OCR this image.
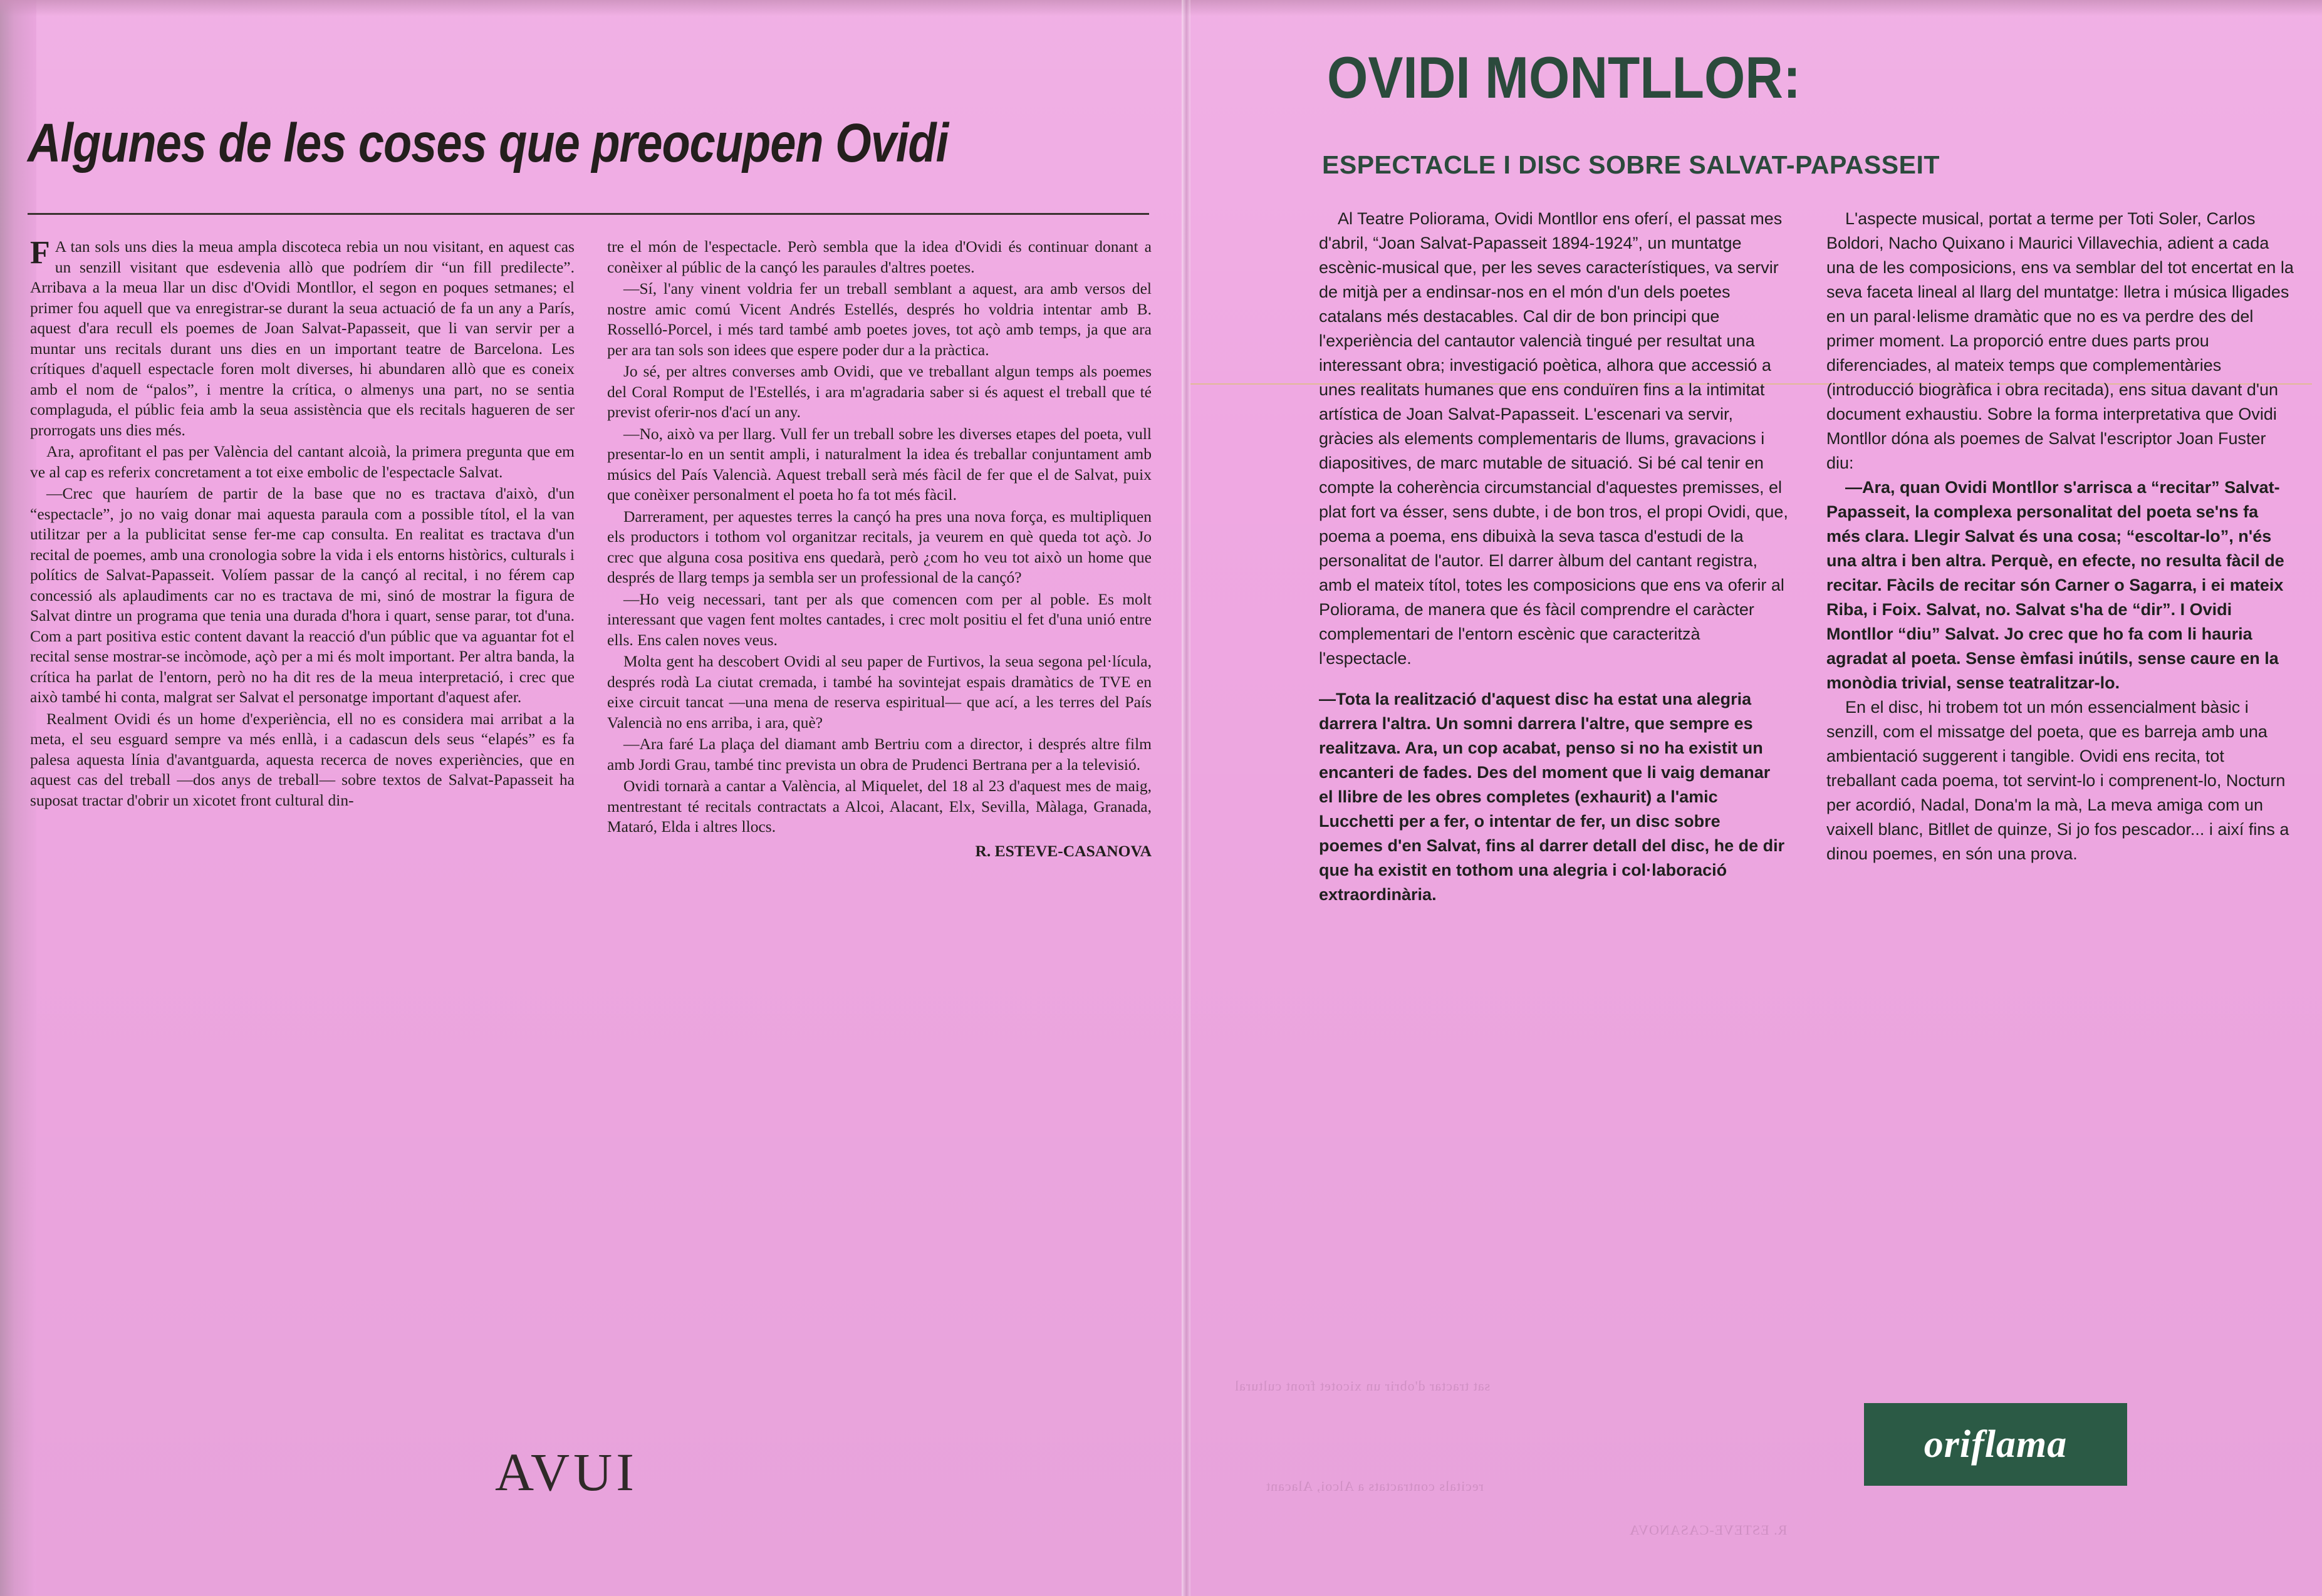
Algunes de les coses que preocupen Ovidi

F A tan sols uns dies la meua ampla discoteca rebia un nou visitant, en aquest cas un senzill visitant que esdevenia allò que podríem dir “un fill predilecte”. Arribava a la meua llar un disc d'Ovidi Montllor, el segon en poques setmanes; el primer fou aquell que va enregistrar-se durant la seua actuació de fa un any a París, aquest d'ara recull els poemes de Joan Salvat-Papasseit, que li van servir per a muntar uns recitals durant uns dies en un important teatre de Barcelona. Les crítiques d'aquell espectacle foren molt diverses, hi abundaren allò que es coneix amb el nom de “palos”, i mentre la crítica, o almenys una part, no se sentia complaguda, el públic feia amb la seua assistència que els recitals hagueren de ser prorrogats uns dies més.

Ara, aprofitant el pas per València del cantant alcoià, la primera pregunta que em ve al cap es referix concretament a tot eixe embolic de l'espectacle Salvat.

—Crec que hauríem de partir de la base que no es tractava d'això, d'un “espectacle”, jo no vaig donar mai aquesta paraula com a possible títol, el la van utilitzar per a la publicitat sense fer-me cap consulta. En realitat es tractava d'un recital de poemes, amb una cronologia sobre la vida i els entorns històrics, culturals i polítics de Salvat-Papasseit. Volíem passar de la cançó al recital, i no férem cap concessió als aplaudiments car no es tractava de mi, sinó de mostrar la figura de Salvat dintre un programa que tenia una durada d'hora i quart, sense parar, tot d'una. Com a part positiva estic content davant la reacció d'un públic que va aguantar fot el recital sense mostrar-se incòmode, açò per a mi és molt important. Per altra banda, la crítica ha parlat de l'entorn, però no ha dit res de la meua interpretació, i crec que això també hi conta, malgrat ser Salvat el personatge important d'aquest afer.

Realment Ovidi és un home d'experiència, ell no es considera mai arribat a la meta, el seu esguard sempre va més enllà, i a cadascun dels seus “elapés” es fa palesa aquesta línia d'avantguarda, aquesta recerca de noves experiències, que en aquest cas del treball —dos anys de treball— sobre textos de Salvat-Papasseit ha suposat tractar d'obrir un xicotet front cultural din-

tre el món de l'espectacle. Però sembla que la idea d'Ovidi és continuar donant a conèixer al públic de la cançó les paraules d'altres poetes.

—Sí, l'any vinent voldria fer un treball semblant a aquest, ara amb versos del nostre amic comú Vicent Andrés Estellés, després ho voldria intentar amb B. Rosselló-Porcel, i més tard també amb poetes joves, tot açò amb temps, ja que ara per ara tan sols son idees que espere poder dur a la pràctica.

Jo sé, per altres converses amb Ovidi, que ve treballant algun temps als poemes del Coral Romput de l'Estellés, i ara m'agradaria saber si és aquest el treball que té previst oferir-nos d'ací un any.

—No, això va per llarg. Vull fer un treball sobre les diverses etapes del poeta, vull presentar-lo en un sentit ampli, i naturalment la idea és treballar conjuntament amb músics del País Valencià. Aquest treball serà més fàcil de fer que el de Salvat, puix que conèixer personalment el poeta ho fa tot més fàcil.

Darrerament, per aquestes terres la cançó ha pres una nova força, es multipliquen els productors i tothom vol organitzar recitals, ja veurem en què queda tot açò. Jo crec que alguna cosa positiva ens quedarà, però ¿com ho veu tot això un home que després de llarg temps ja sembla ser un professional de la cançó?

—Ho veig necessari, tant per als que comencen com per al poble. Es molt interessant que vagen fent moltes cantades, i crec molt positiu el fet d'una unió entre ells. Ens calen noves veus.

Molta gent ha descobert Ovidi al seu paper de Furtivos, la seua segona pel·lícula, després rodà La ciutat cremada, i també ha sovintejat espais dramàtics de TVE en eixe circuit tancat —una mena de reserva espiritual— que ací, a les terres del País Valencià no ens arriba, i ara, què?

—Ara faré La plaça del diamant amb Bertriu com a director, i després altre film amb Jordi Grau, també tinc prevista un obra de Prudenci Bertrana per a la televisió.

Ovidi tornarà a cantar a València, al Miquelet, del 18 al 23 d'aquest mes de maig, mentrestant té recitals contractats a Alcoi, Alacant, Elx, Sevilla, Màlaga, Granada, Mataró, Elda i altres llocs.

R. ESTEVE-CASANOVA
AVUI
OVIDI MONTLLOR:
ESPECTACLE I DISC SOBRE SALVAT-PAPASSEIT

Al Teatre Poliorama, Ovidi Montllor ens oferí, el passat mes d'abril, “Joan Salvat-Papasseit 1894-1924”, un muntatge escènic-musical que, per les seves característiques, va servir de mitjà per a endinsar-nos en el món d'un dels poetes catalans més destacables. Cal dir de bon principi que l'experiència del cantautor valencià tingué per resultat una interessant obra; investigació poètica, alhora que accessió a unes realitats humanes que ens conduïren fins a la intimitat artística de Joan Salvat-Papasseit. L'escenari va servir, gràcies als elements complementaris de llums, gravacions i diapositives, de marc mutable de situació. Si bé cal tenir en compte la coherència circumstancial d'aquestes premisses, el plat fort va ésser, sens dubte, i de bon tros, el propi Ovidi, que, poema a poema, ens dibuixà la seva tasca d'estudi de la personalitat de l'autor. El darrer àlbum del cantant registra, amb el mateix títol, totes les composicions que ens va oferir al Poliorama, de manera que és fàcil comprendre el caràcter complementari de l'entorn escènic que caracteritzà l'espectacle.

—Tota la realització d'aquest disc ha estat una alegria darrera l'altra. Un somni darrera l'altre, que sempre es realitzava. Ara, un cop acabat, penso si no ha existit un encanteri de fades. Des del moment que li vaig demanar el llibre de les obres completes (exhaurit) a l'amic Lucchetti per a fer, o intentar de fer, un disc sobre poemes d'en Salvat, fins al darrer detall del disc, he de dir que ha existit en tothom una alegria i col·laboració extraordinària.

L'aspecte musical, portat a terme per Toti Soler, Carlos Boldori, Nacho Quixano i Maurici Villavechia, adient a cada una de les composicions, ens va semblar del tot encertat en la seva faceta lineal al llarg del muntatge: lletra i música lligades en un paral·lelisme dramàtic que no es va perdre des del primer moment. La proporció entre dues parts prou diferenciades, al mateix temps que complementàries (introducció biogràfica i obra recitada), ens situa davant d'un document exhaustiu. Sobre la forma interpretativa que Ovidi Montllor dóna als poemes de Salvat l'escriptor Joan Fuster diu:

—Ara, quan Ovidi Montllor s'arrisca a “recitar” Salvat-Papasseit, la complexa personalitat del poeta se'ns fa més clara. Llegir Salvat és una cosa; “escoltar-lo”, n'és una altra i ben altra. Perquè, en efecte, no resulta fàcil de recitar. Fàcils de recitar són Carner o Sagarra, i ei mateix Riba, i Foix. Salvat, no. Salvat s'ha de “dir”. I Ovidi Montllor “diu” Salvat. Jo crec que ho fa com li hauria agradat al poeta. Sense èmfasi inútils, sense caure en la monòdia trivial, sense teatralitzar-lo.

En el disc, hi trobem tot un món essencialment bàsic i senzill, com el missatge del poeta, que es barreja amb una ambientació suggerent i tangible. Ovidi ens recita, tot treballant cada poema, tot servint-lo i comprenent-lo, Nocturn per acordió, Nadal, Dona'm la mà, La meva amiga com un vaixell blanc, Bitllet de quinze, Si jo fos pescador... i així fins a dinou poemes, en són una prova.

oriflama
sat tractar d'obrir un xicotet front cultural
recitals contractats a Alcoi, Alacant
R. ESTEVE-CASANOVA
